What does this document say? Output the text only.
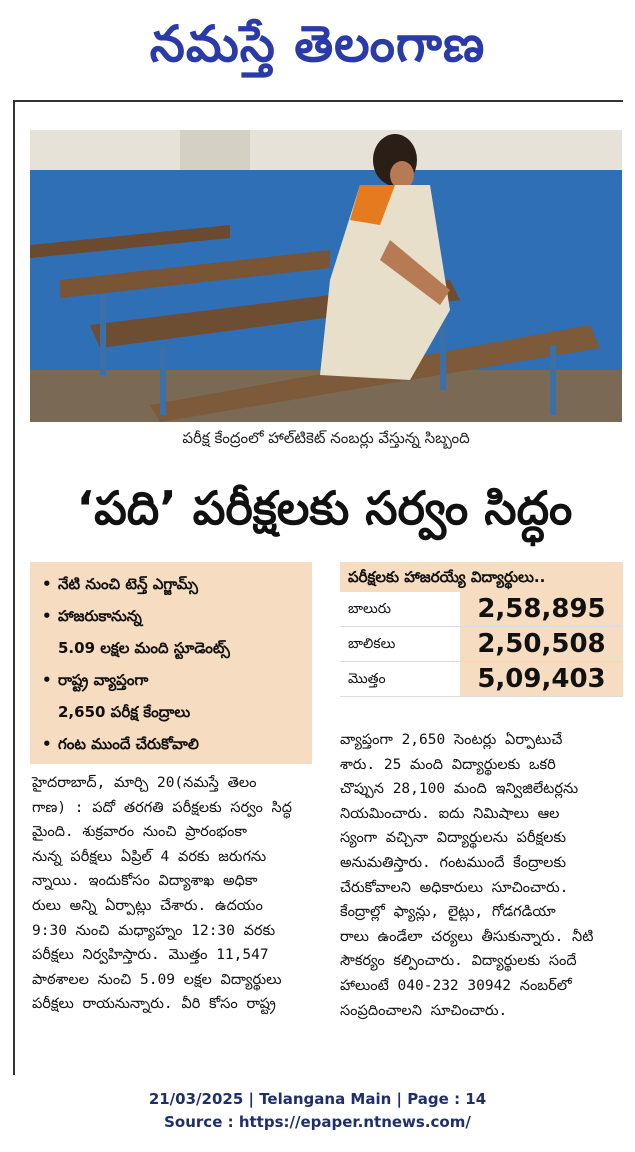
నమస్తే తెలంగాణ
పరీక్ష కేంద్రంలో హాల్‌టికెట్ నంబర్లు వేస్తున్న సిబ్బంది
‘పది’ పరీక్షలకు సర్వం సిద్ధం
• నేటి నుంచి టెన్త్ ఎగ్జామ్స్
• హాజరుకానున్న
5.09 లక్షల మంది స్టూడెంట్స్
• రాష్ట్ర వ్యాప్తంగా
2,650 పరీక్ష కేంద్రాలు
• గంట ముందే చేరుకోవాలి
పరీక్షలకు హాజరయ్యే విద్యార్థులు..
బాలురు	2,58,895
బాలికలు	2,50,508
మొత్తం	5,09,403
హైదరాబాద్, మార్చి 20(నమస్తే తెలం
గాణ) : పదో తరగతి పరీక్షలకు సర్వం సిద్ధ
మైంది. శుక్రవారం నుంచి ప్రారంభంకా
నున్న పరీక్షలు ఏప్రిల్ 4 వరకు జరుగను
న్నాయి. ఇందుకోసం విద్యాశాఖ అధికా
రులు అన్ని ఏర్పాట్లు చేశారు. ఉదయం
9:30 నుంచి మధ్యాహ్నం 12:30 వరకు
పరీక్షలు నిర్వహిస్తారు. మొత్తం 11,547
పాఠశాలల నుంచి 5.09 లక్షల విద్యార్థులు
పరీక్షలు రాయనున్నారు. వీరి కోసం రాష్ట్ర
వ్యాప్తంగా 2,650 సెంటర్లు ఏర్పాటుచే
శారు. 25 మంది విద్యార్థులకు ఒకరి
చొప్పున 28,100 మంది ఇన్విజిలేటర్లను
నియమించారు. ఐదు నిమిషాలు ఆల
స్యంగా వచ్చినా విద్యార్థులను పరీక్షలకు
అనుమతిస్తారు. గంటముందే కేంద్రాలకు
చేరుకోవాలని అధికారులు సూచించారు.
కేంద్రాల్లో ఫ్యాన్లు, లైట్లు, గోడగడియా
రాలు ఉండేలా చర్యలు తీసుకున్నారు. నీటి
సౌకర్యం కల్పించారు. విద్యార్థులకు సందే
హాలుంటే 040-232 30942 నంబర్‌లో
సంప్రదించాలని సూచించారు.
21/03/2025 | Telangana Main | Page : 14
Source : https://epaper.ntnews.com/
